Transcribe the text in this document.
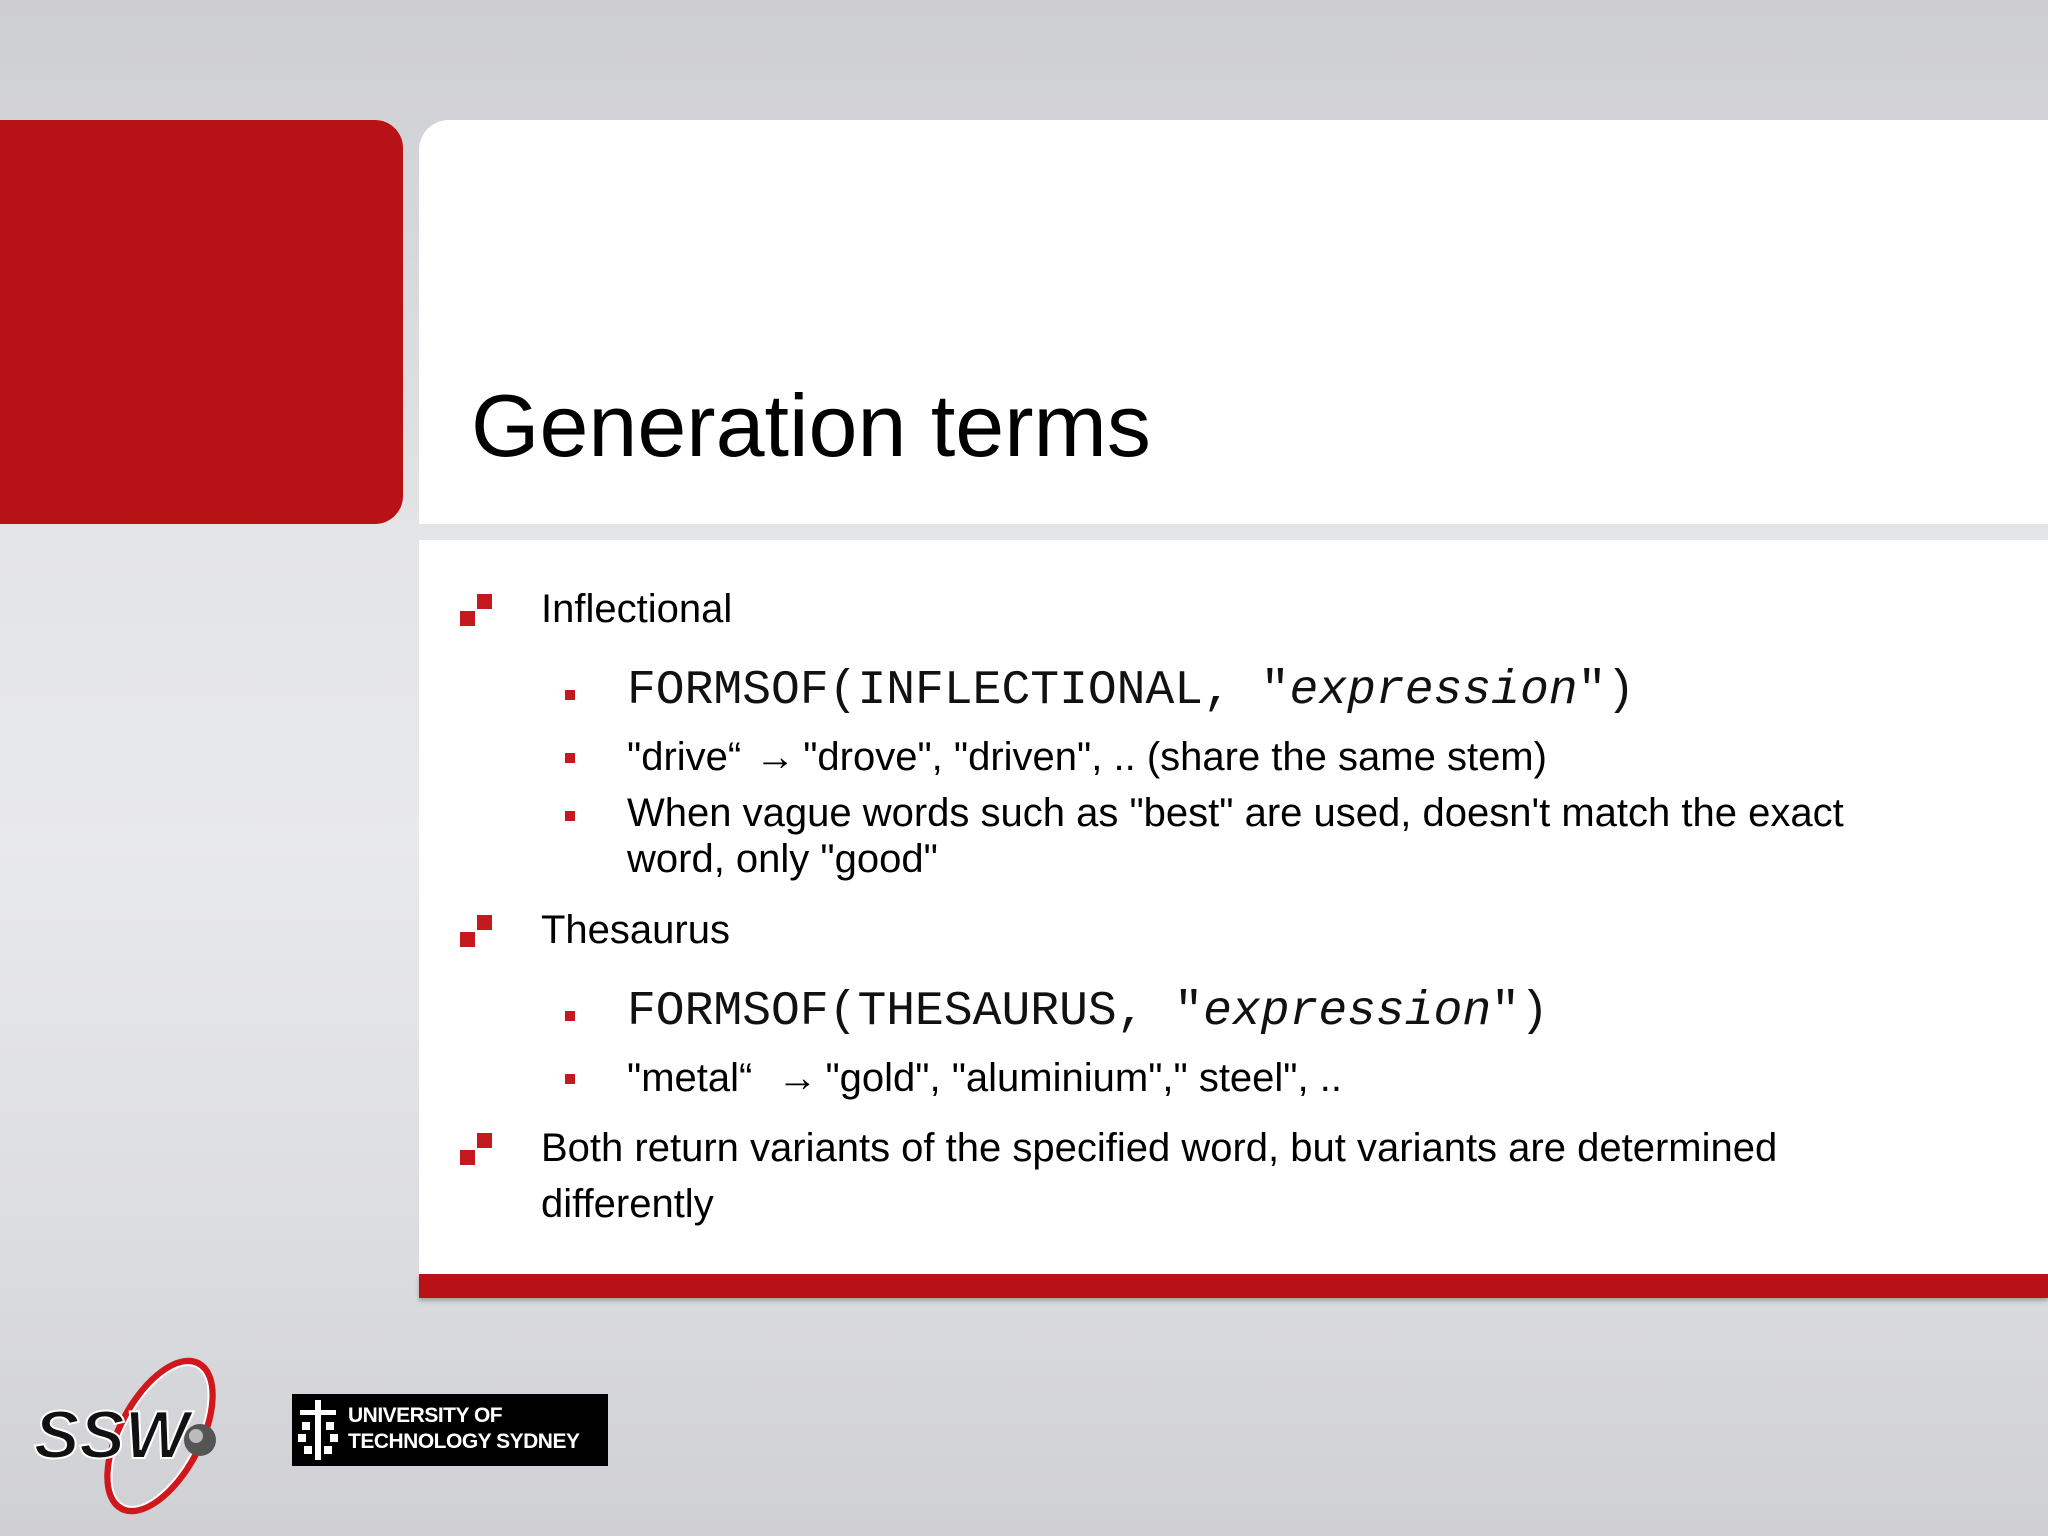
Generation terms
Inflectional
FORMSOF(INFLECTIONAL, "expression")
"drive“ → "drove", "driven", .. (share the same stem)
When vague words such as "best" are used, doesn't match the exact
word, only "good"
Thesaurus
FORMSOF(THESAURUS, "expression")
"metal“ → "gold", "aluminium"," steel", ..
Both return variants of the specified word, but variants are determined
differently
SSW	UNIVERSITY OF
TECHNOLOGY SYDNEY
